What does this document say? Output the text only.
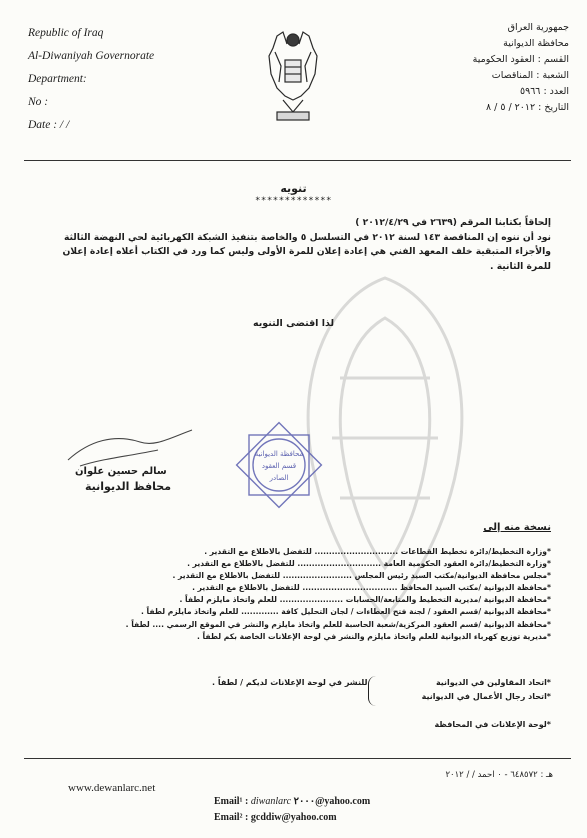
Republic of Iraq
Al-Diwaniyah Governorate
Department:
No :
Date : / /
جمهورية العراق
محافظة الديوانية
القسم : العقود الحكومية
الشعبة : المناقصات
العدد : ٥٩٦٦
التاريخ : ٢٠١٢ / ٥ / ٨
تنويه
*************

إلحاقاً بكتابنا المرقم (٢٦٣٩ في ٢٠١٢/٤/٢٩ )

نود أن ننوه إن المناقصة ١٤٣ لسنة ٢٠١٢ في التسلسل ٥ والخاصة بتنفيذ الشبكة الكهربائية لحي النهضة الثالثة والأجزاء المتبقية خلف المعهد الفني هي إعادة إعلان للمرة الأولى وليس كما ورد في الكتاب أعلاه إعادة إعلان للمرة الثانية .

لذا اقتضى التنويه
سالم حسين علوان
محافظ الديوانية
محافظة الديوانية
قسم العقود
الصادر
نسخة منه إلى
*وزارة التخطيط/دائرة تخطيط القطاعات ............................. للتفضل بالاطلاع مع التقدير .
*وزارة التخطيط/دائرة العقود الحكومية العامة ............................. للتفضل بالاطلاع مع التقدير .
*مجلس محافظة الديوانية/مكتب السيد رئيس المجلس ........................ للتفضل بالاطلاع مع التقدير .
*محافظة الديوانية /مكتب السيد المحافظ ................................. للتفضل بالاطلاع مع التقدير .
*محافظة الديوانية /مديرية التخطيط والمتابعة/الحسابات ...................... للعلم واتخاذ مايلزم لطفاً .
*محافظة الديوانية /قسم العقود / لجنة فتح العطاءات / لجان التحليل كافة ............. للعلم واتخاذ مايلزم لطفاً .
*محافظة الديوانية /قسم العقود المركزية/شعبة الحاسبة للعلم واتخاذ مايلزم والنشر في الموقع الرسمي .... لطفاً .
*مديرية توزيع كهرباء الديوانية للعلم واتخاذ مايلزم والنشر في لوحة الإعلانات الخاصة بكم لطفاً .
*اتحاد المقاولين في الديوانية
*اتحاد رجال الأعمال في الديوانية
للنشر في لوحة الإعلانات لديكم / لطفاً .
*لوحة الإعلانات في المحافظة
www.dewanlarc.net
هـ : ٦٤٨٥٧٢ - ٠ احمد / / ٢٠١٢
Email¹ : diwanlarc ٢٠٠٠@yahoo.com
Email² : gcddiw@yahoo.com
